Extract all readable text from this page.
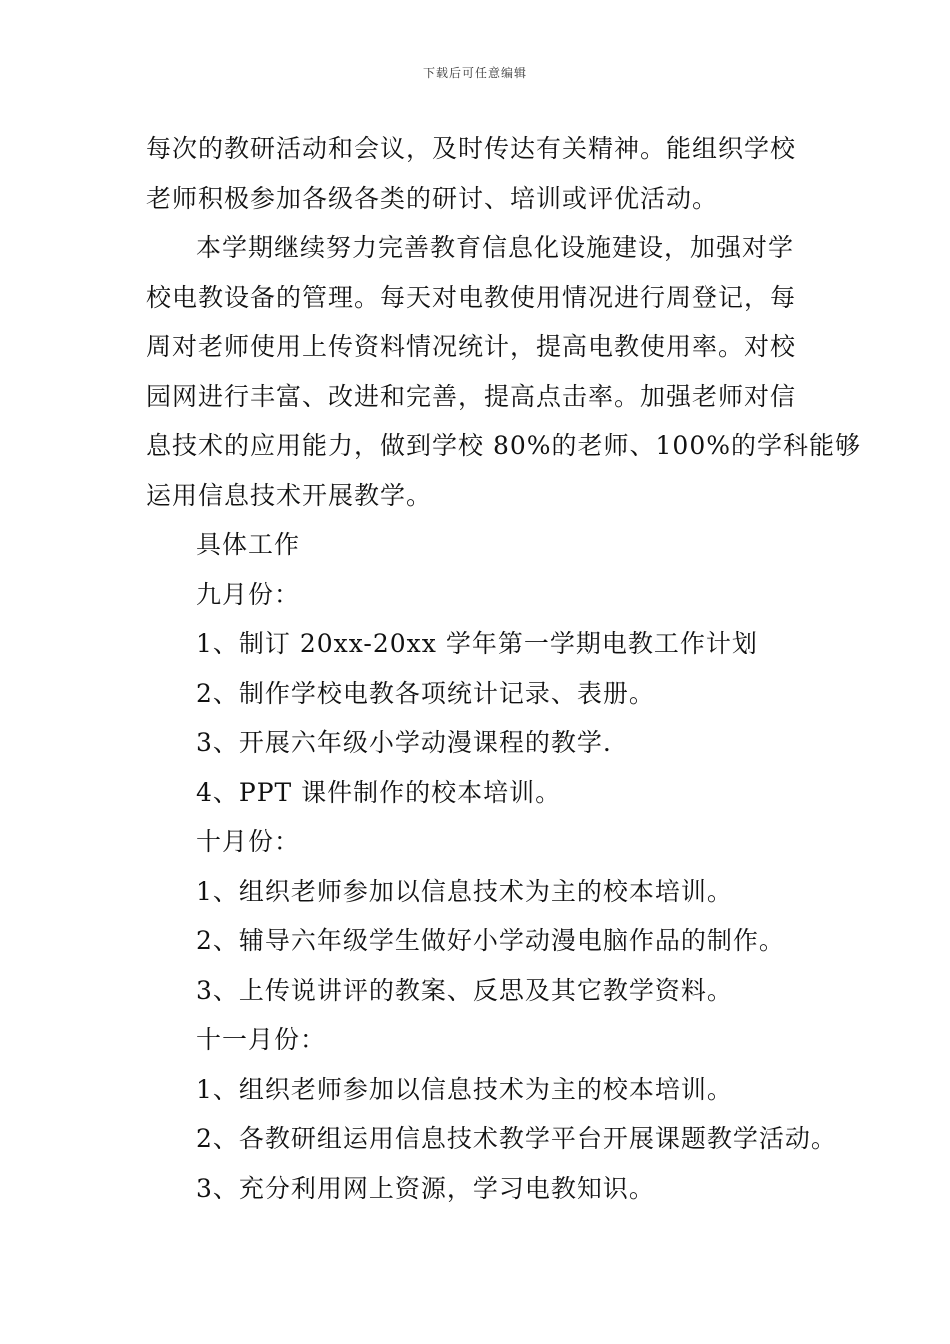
下载后可任意编辑
每次的教研活动和会议，及时传达有关精神。能组织学校
老师积极参加各级各类的研讨、培训或评优活动。
本学期继续努力完善教育信息化设施建设，加强对学
校电教设备的管理。每天对电教使用情况进行周登记，每
周对老师使用上传资料情况统计，提高电教使用率。对校
园网进行丰富、改进和完善，提高点击率。加强老师对信
息技术的应用能力，做到学校 80%的老师、100%的学科能够
运用信息技术开展教学。
具体工作
九月份：
1、制订 20xx-20xx 学年第一学期电教工作计划
2、制作学校电教各项统计记录、表册。
3、开展六年级小学动漫课程的教学.
4、PPT 课件制作的校本培训。
十月份：
1、组织老师参加以信息技术为主的校本培训。
2、辅导六年级学生做好小学动漫电脑作品的制作。
3、上传说讲评的教案、反思及其它教学资料。
十一月份：
1、组织老师参加以信息技术为主的校本培训。
2、各教研组运用信息技术教学平台开展课题教学活动。
3、充分利用网上资源，学习电教知识。
